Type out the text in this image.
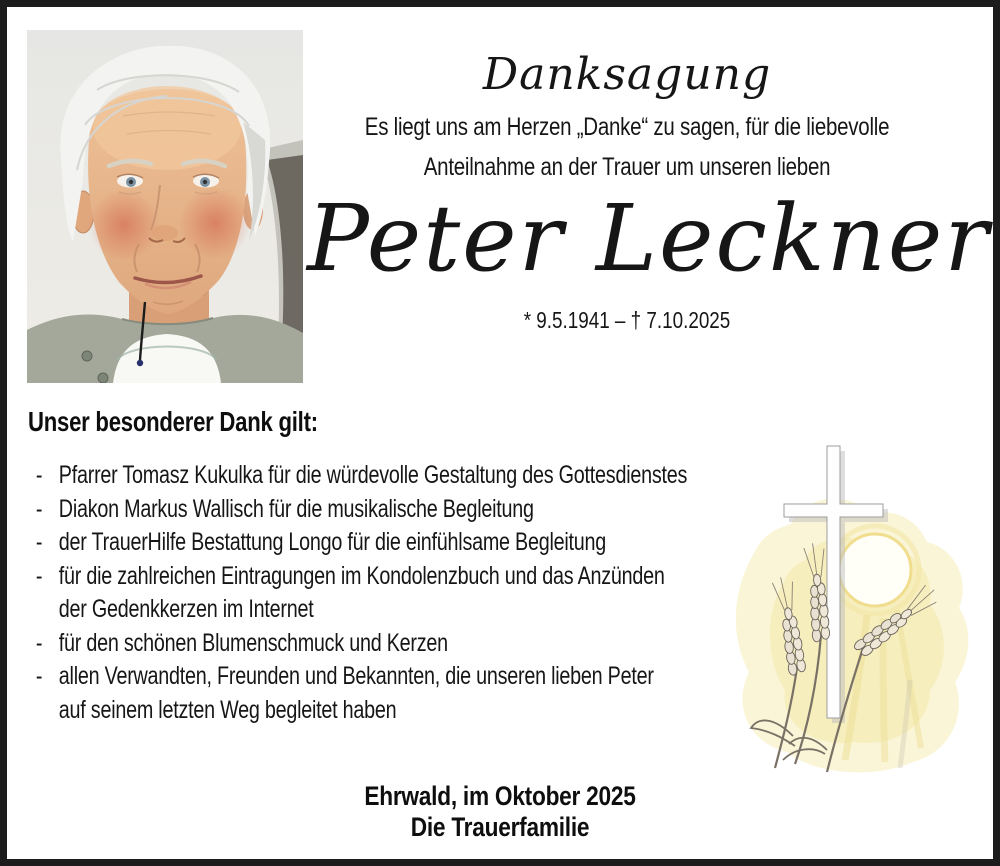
Danksagung
Es liegt uns am Herzen „Danke“ zu sagen, für die liebevolle
Anteilnahme an der Trauer um unseren lieben
Peter Leckner
* 9.5.1941 – † 7.10.2025
Unser besonderer Dank gilt:
- Pfarrer Tomasz Kukulka für die würdevolle Gestaltung des Gottesdienstes
- Diakon Markus Wallisch für die musikalische Begleitung
- der TrauerHilfe Bestattung Longo für die einfühlsame Begleitung
- für die zahlreichen Eintragungen im Kondolenzbuch und das Anzünden
der Gedenkkerzen im Internet
- für den schönen Blumenschmuck und Kerzen
- allen Verwandten, Freunden und Bekannten, die unseren lieben Peter
auf seinem letzten Weg begleitet haben
Ehrwald, im Oktober 2025
Die Trauerfamilie
